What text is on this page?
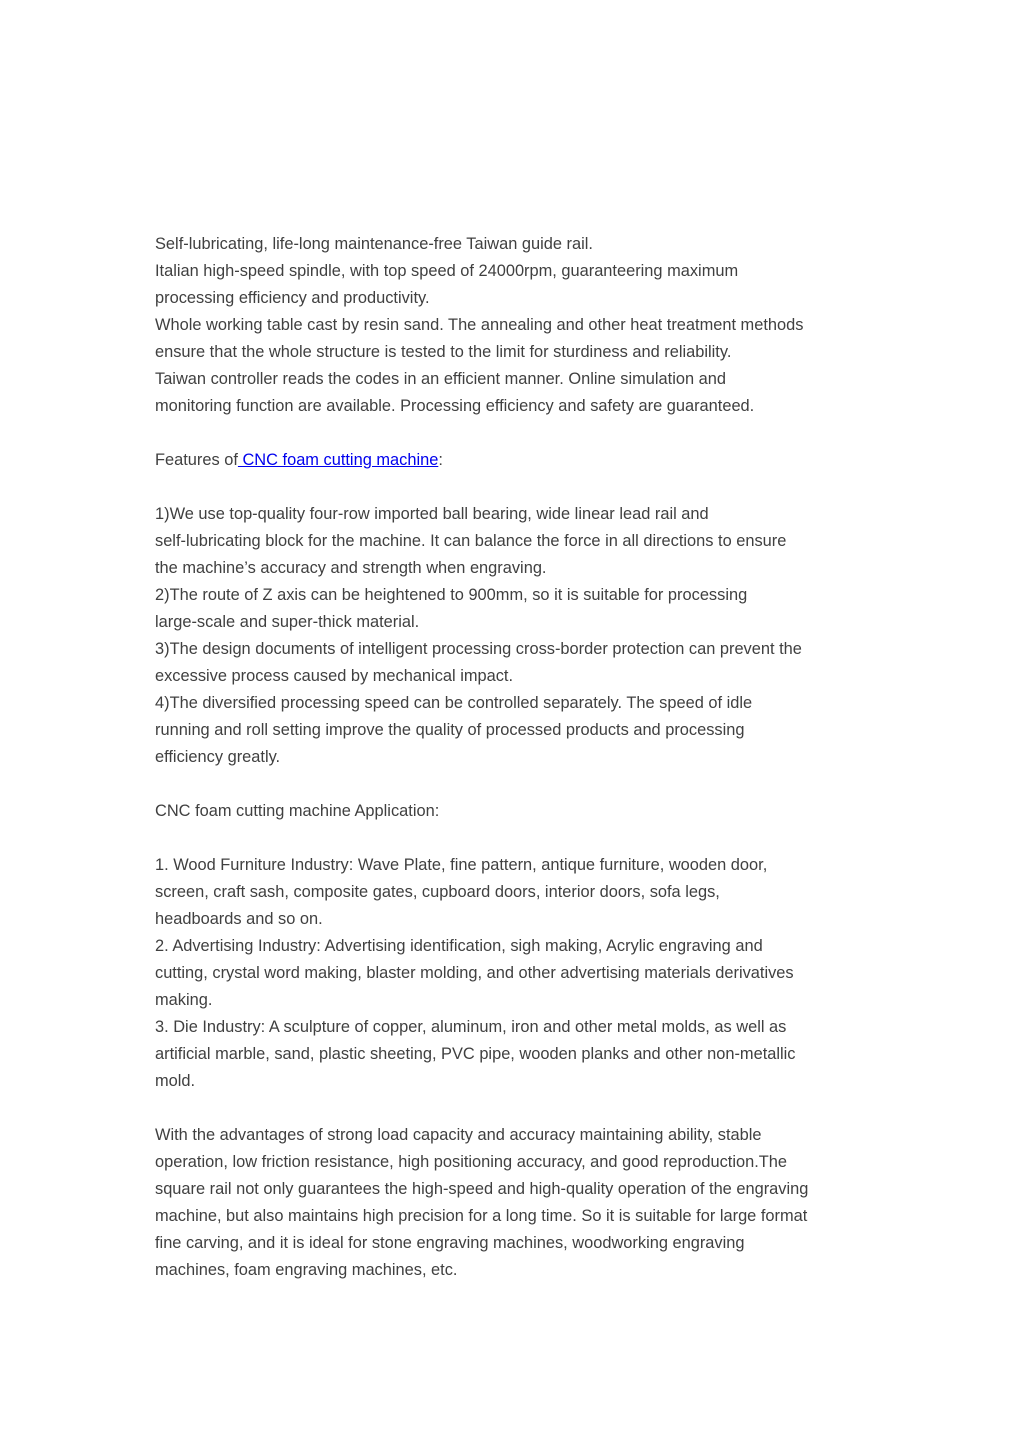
Self-lubricating, life-long maintenance-free Taiwan guide rail.
Italian high-speed spindle, with top speed of 24000rpm, guaranteering maximum
processing efficiency and productivity.
Whole working table cast by resin sand. The annealing and other heat treatment methods
ensure that the whole structure is tested to the limit for sturdiness and reliability.
Taiwan controller reads the codes in an efficient manner. Online simulation and
monitoring function are available. Processing efficiency and safety are guaranteed.
Features of CNC foam cutting machine:
1)We use top-quality four-row imported ball bearing, wide linear lead rail and
self-lubricating block for the machine. It can balance the force in all directions to ensure
the machine’s accuracy and strength when engraving.
2)The route of Z axis can be heightened to 900mm, so it is suitable for processing
large-scale and super-thick material.
3)The design documents of intelligent processing cross-border protection can prevent the
excessive process caused by mechanical impact.
4)The diversified processing speed can be controlled separately. The speed of idle
running and roll setting improve the quality of processed products and processing
efficiency greatly.
CNC foam cutting machine Application:
1. Wood Furniture Industry: Wave Plate, fine pattern, antique furniture, wooden door,
screen, craft sash, composite gates, cupboard doors, interior doors, sofa legs,
headboards and so on.
2. Advertising Industry: Advertising identification, sigh making, Acrylic engraving and
cutting, crystal word making, blaster molding, and other advertising materials derivatives
making.
3. Die Industry: A sculpture of copper, aluminum, iron and other metal molds, as well as
artificial marble, sand, plastic sheeting, PVC pipe, wooden planks and other non-metallic
mold.
With the advantages of strong load capacity and accuracy maintaining ability, stable
operation, low friction resistance, high positioning accuracy, and good reproduction.The
square rail not only guarantees the high-speed and high-quality operation of the engraving
machine, but also maintains high precision for a long time. So it is suitable for large format
fine carving, and it is ideal for stone engraving machines, woodworking engraving
machines, foam engraving machines, etc.
